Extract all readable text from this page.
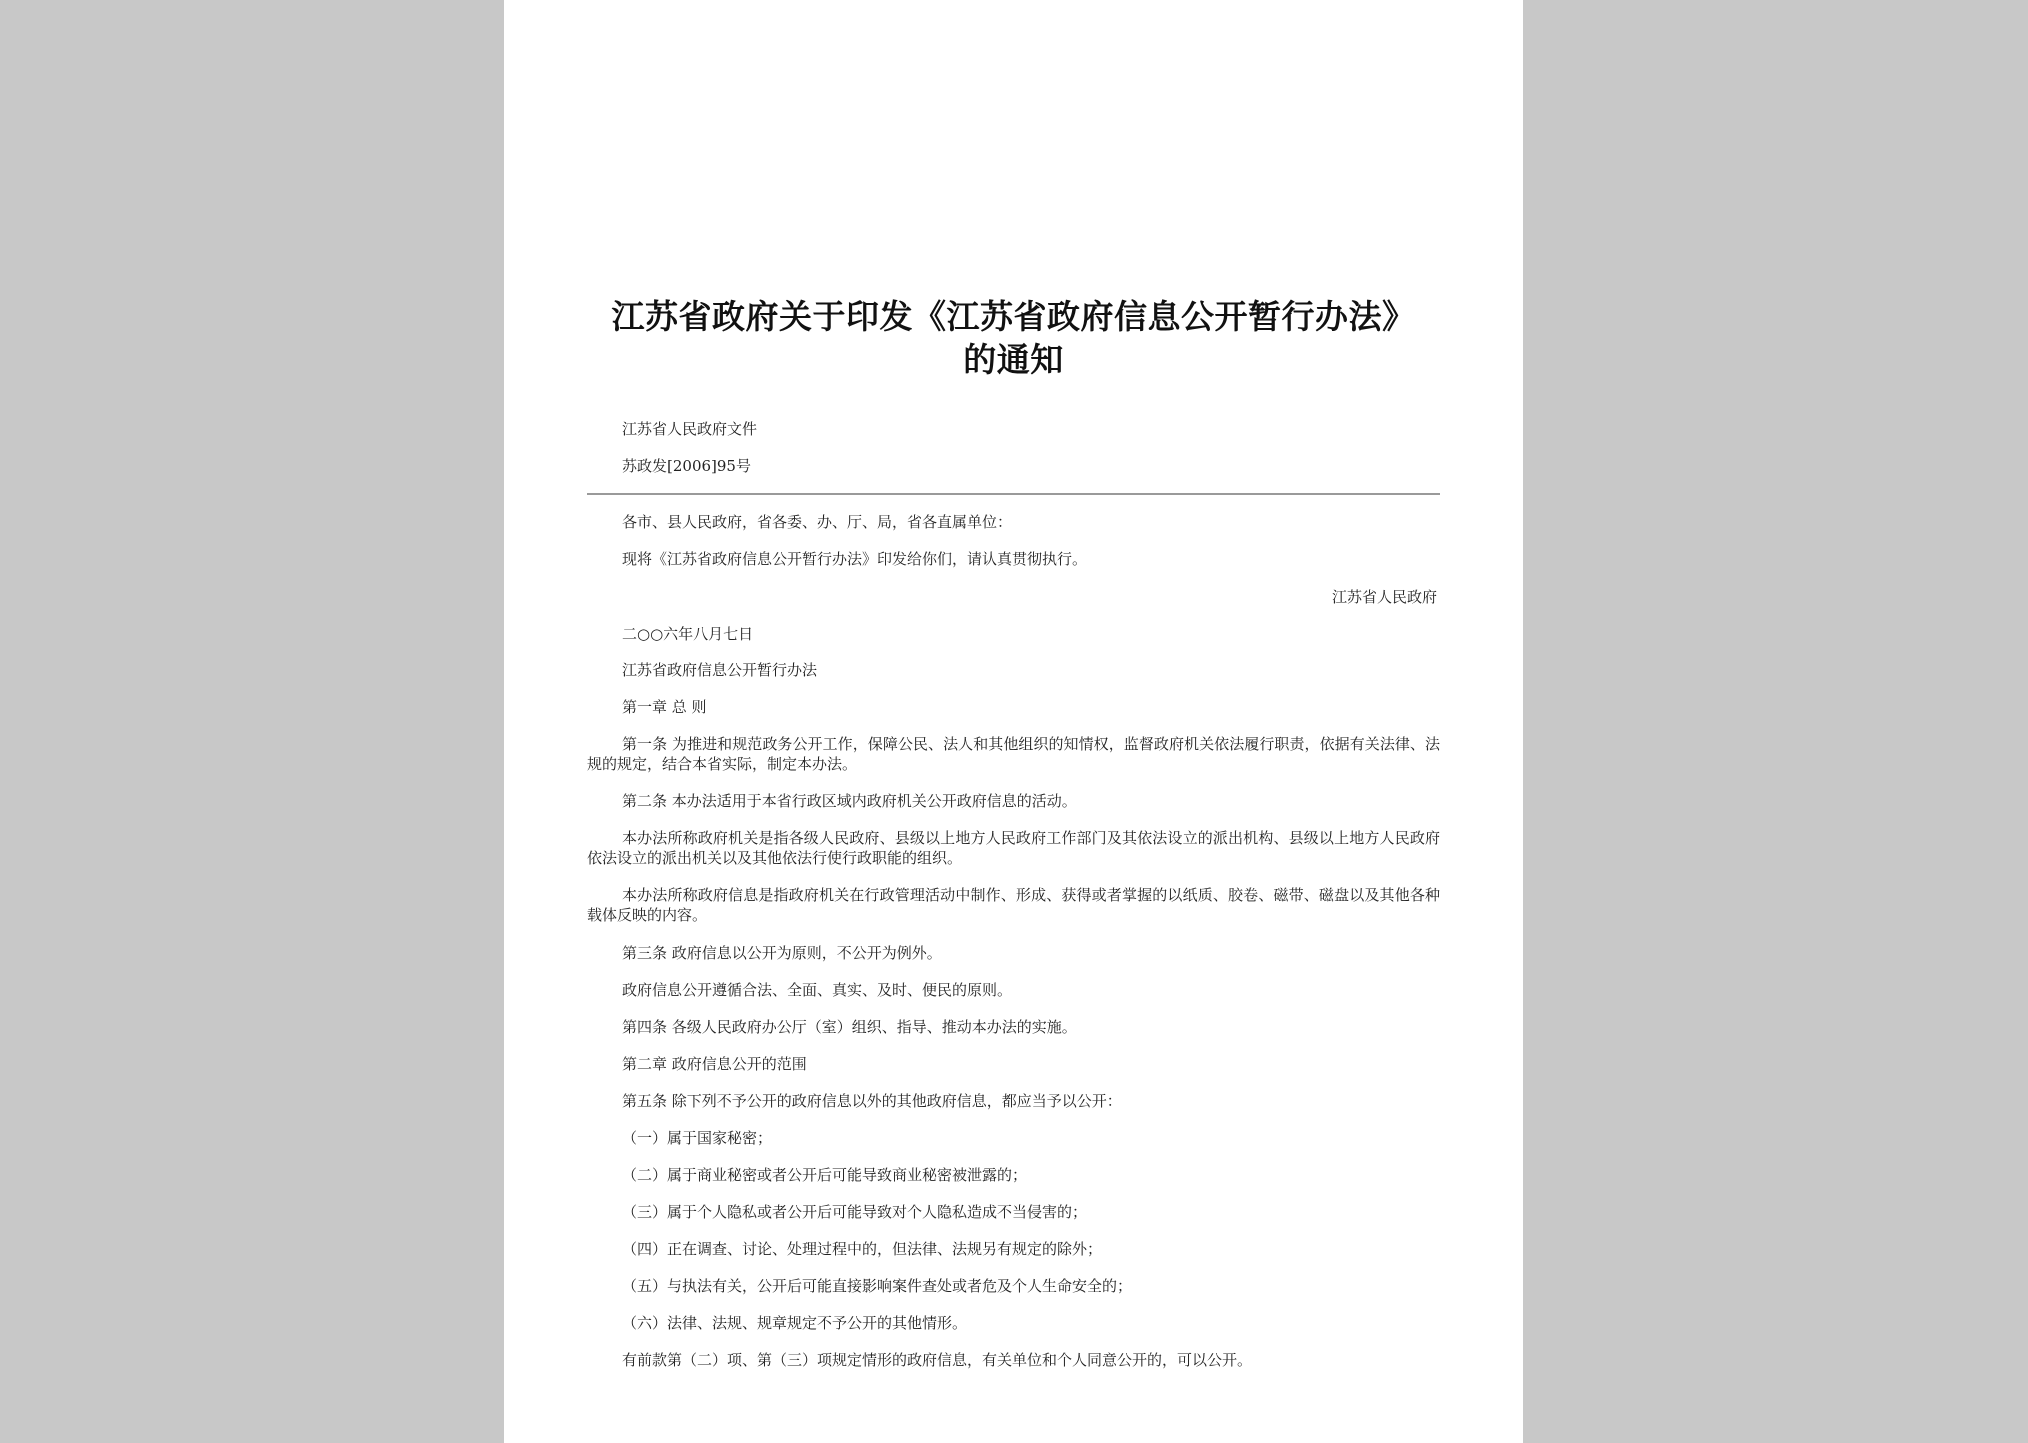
江苏省政府关于印发《江苏省政府信息公开暂行办法》
的通知
江苏省人民政府文件
苏政发[2006]95号
各市、县人民政府，省各委、办、厅、局，省各直属单位：
现将《江苏省政府信息公开暂行办法》印发给你们，请认真贯彻执行。
江苏省人民政府
二○○六年八月七日
江苏省政府信息公开暂行办法
第一章 总 则
第一条 为推进和规范政务公开工作，保障公民、法人和其他组织的知情权，监督政府机关依法履行职责，依据有关法律、法规的规定，结合本省实际，制定本办法。
第二条 本办法适用于本省行政区域内政府机关公开政府信息的活动。
本办法所称政府机关是指各级人民政府、县级以上地方人民政府工作部门及其依法设立的派出机构、县级以上地方人民政府 依法设立的派出机关以及其他依法行使行政职能的组织。
本办法所称政府信息是指政府机关在行政管理活动中制作、形成、获得或者掌握的以纸质、胶卷、磁带、磁盘以及其他各种载体反映的内容。
第三条 政府信息以公开为原则，不公开为例外。
政府信息公开遵循合法、全面、真实、及时、便民的原则。
第四条 各级人民政府办公厅（室）组织、指导、推动本办法的实施。
第二章 政府信息公开的范围
第五条 除下列不予公开的政府信息以外的其他政府信息，都应当予以公开：
（一）属于国家秘密；
（二）属于商业秘密或者公开后可能导致商业秘密被泄露的；
（三）属于个人隐私或者公开后可能导致对个人隐私造成不当侵害的；
（四）正在调查、讨论、处理过程中的，但法律、法规另有规定的除外；
（五）与执法有关，公开后可能直接影响案件查处或者危及个人生命安全的；
（六）法律、法规、规章规定不予公开的其他情形。
有前款第（二）项、第（三）项规定情形的政府信息，有关单位和个人同意公开的，可以公开。
